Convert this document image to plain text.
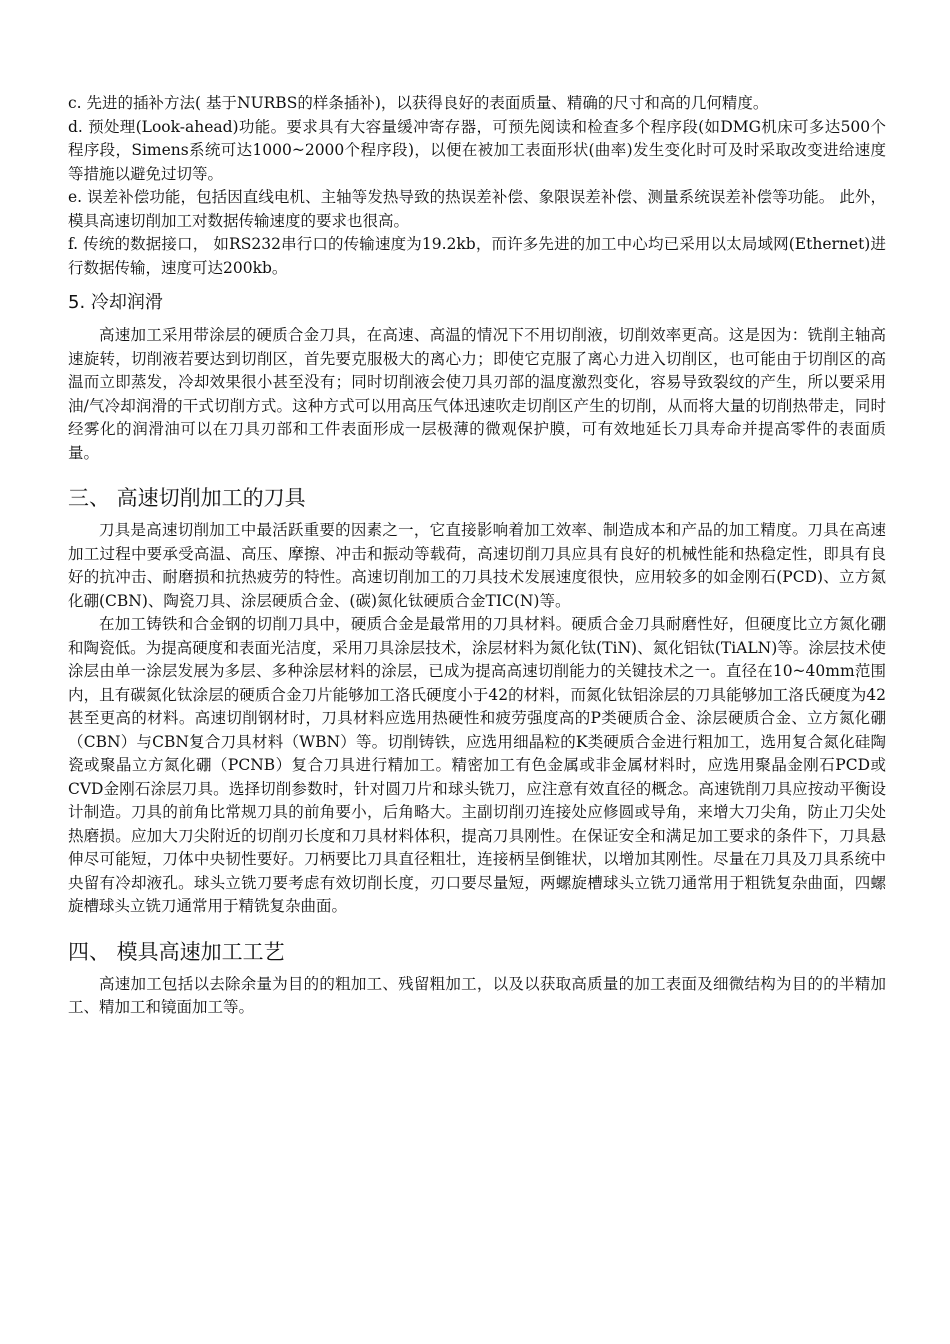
c. 先进的插补方法( 基于NURBS的样条插补)，以获得良好的表面质量、精确的尺寸和高的几何精度。

d. 预处理(Look-ahead)功能。要求具有大容量缓冲寄存器，可预先阅读和检查多个程序段(如DMG机床可多达500个程序段，Simens系统可达1000~2000个程序段)，以便在被加工表面形状(曲率)发生变化时可及时采取改变进给速度等措施以避免过切等。

e. 误差补偿功能，包括因直线电机、主轴等发热导致的热误差补偿、象限误差补偿、测量系统误差补偿等功能。 此外，模具高速切削加工对数据传输速度的要求也很高。

f. 传统的数据接口， 如RS232串行口的传输速度为19.2kb，而许多先进的加工中心均已采用以太局域网(Ethernet)进行数据传输，速度可达200kb。

5. 冷却润滑

高速加工采用带涂层的硬质合金刀具，在高速、高温的情况下不用切削液，切削效率更高。这是因为：铣削主轴高速旋转，切削液若要达到切削区，首先要克服极大的离心力；即使它克服了离心力进入切削区，也可能由于切削区的高温而立即蒸发，冷却效果很小甚至没有；同时切削液会使刀具刃部的温度激烈变化，容易导致裂纹的产生，所以要采用油/气冷却润滑的干式切削方式。这种方式可以用高压气体迅速吹走切削区产生的切削，从而将大量的切削热带走，同时经雾化的润滑油可以在刀具刃部和工件表面形成一层极薄的微观保护膜，可有效地延长刀具寿命并提高零件的表面质量。

三、 高速切削加工的刀具

刀具是高速切削加工中最活跃重要的因素之一，它直接影响着加工效率、制造成本和产品的加工精度。刀具在高速加工过程中要承受高温、高压、摩擦、冲击和振动等载荷，高速切削刀具应具有良好的机械性能和热稳定性，即具有良好的抗冲击、耐磨损和抗热疲劳的特性。高速切削加工的刀具技术发展速度很快，应用较多的如金刚石(PCD)、立方氮化硼(CBN)、陶瓷刀具、涂层硬质合金、(碳)氮化钛硬质合金TIC(N)等。

在加工铸铁和合金钢的切削刀具中，硬质合金是最常用的刀具材料。硬质合金刀具耐磨性好，但硬度比立方氮化硼和陶瓷低。为提高硬度和表面光洁度，采用刀具涂层技术，涂层材料为氮化钛(TiN)、氮化铝钛(TiALN)等。涂层技术使涂层由单一涂层发展为多层、多种涂层材料的涂层，已成为提高高速切削能力的关键技术之一。直径在10~40mm范围内，且有碳氮化钛涂层的硬质合金刀片能够加工洛氏硬度小于42的材料，而氮化钛铝涂层的刀具能够加工洛氏硬度为42甚至更高的材料。高速切削钢材时，刀具材料应选用热硬性和疲劳强度高的P类硬质合金、涂层硬质合金、立方氮化硼（CBN）与CBN复合刀具材料（WBN）等。切削铸铁，应选用细晶粒的K类硬质合金进行粗加工，选用复合氮化硅陶瓷或聚晶立方氮化硼（PCNB）复合刀具进行精加工。精密加工有色金属或非金属材料时，应选用聚晶金刚石PCD或CVD金刚石涂层刀具。选择切削参数时，针对圆刀片和球头铣刀，应注意有效直径的概念。高速铣削刀具应按动平衡设计制造。刀具的前角比常规刀具的前角要小，后角略大。主副切削刃连接处应修圆或导角，来增大刀尖角，防止刀尖处热磨损。应加大刀尖附近的切削刃长度和刀具材料体积，提高刀具刚性。在保证安全和满足加工要求的条件下，刀具悬伸尽可能短，刀体中央韧性要好。刀柄要比刀具直径粗壮，连接柄呈倒锥状，以增加其刚性。尽量在刀具及刀具系统中央留有冷却液孔。球头立铣刀要考虑有效切削长度，刃口要尽量短，两螺旋槽球头立铣刀通常用于粗铣复杂曲面，四螺旋槽球头立铣刀通常用于精铣复杂曲面。

四、 模具高速加工工艺

高速加工包括以去除余量为目的的粗加工、残留粗加工，以及以获取高质量的加工表面及细微结构为目的的半精加工、精加工和镜面加工等。
